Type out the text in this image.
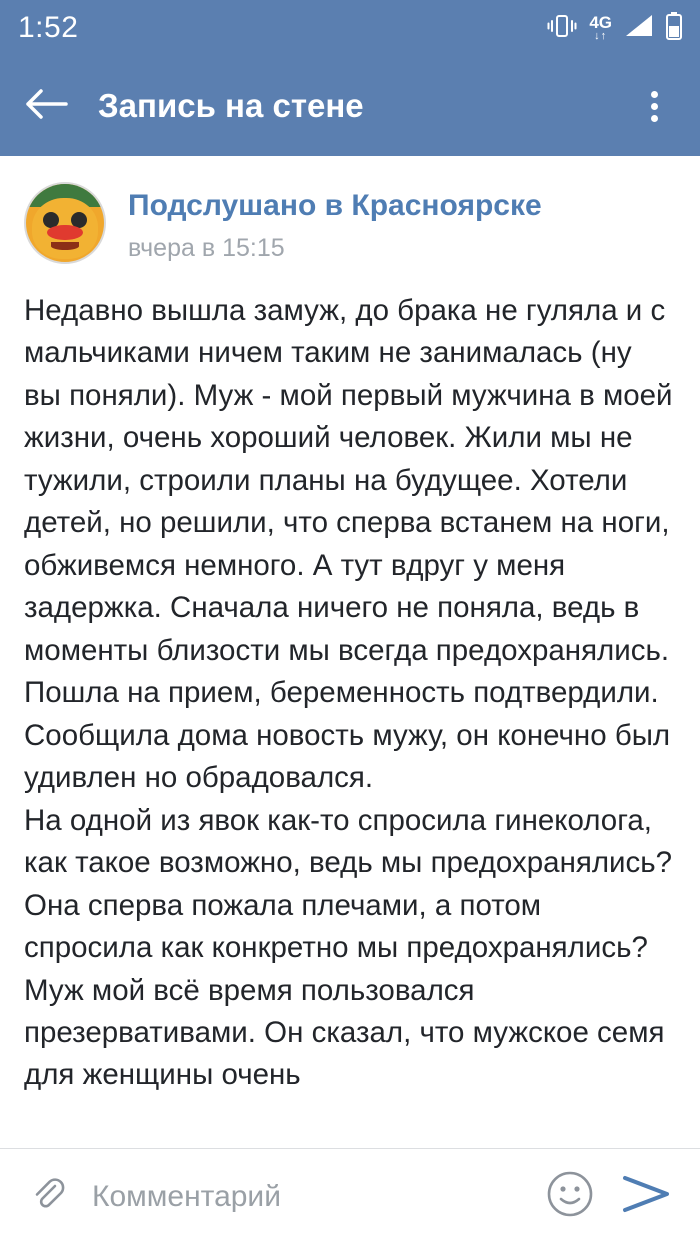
1:52	4G
↓↑
Запись на стене
Подслушано в Красноярске
вчера в 15:15

Недавно вышла замуж, до брака не гуляла и с мальчиками ничем таким не занималась (ну вы поняли). Муж - мой первый мужчина в моей жизни, очень хороший человек. Жили мы не тужили, строили планы на будущее. Хотели детей, но решили, что сперва встанем на ноги, обживемся немного. А тут вдруг у меня задержка. Сначала ничего не поняла, ведь в моменты близости мы всегда предохранялись. Пошла на прием, беременность подтвердили. Сообщила дома новость мужу, он конечно был удивлен но обрадовался.

На одной из явок как-то спросила гинеколога, как такое возможно, ведь мы предохранялись? Она сперва пожала плечами, а потом спросила как конкретно мы предохранялись? Муж мой всё время пользовался презервативами. Он сказал, что мужское семя для женщины очень

Комментарий
